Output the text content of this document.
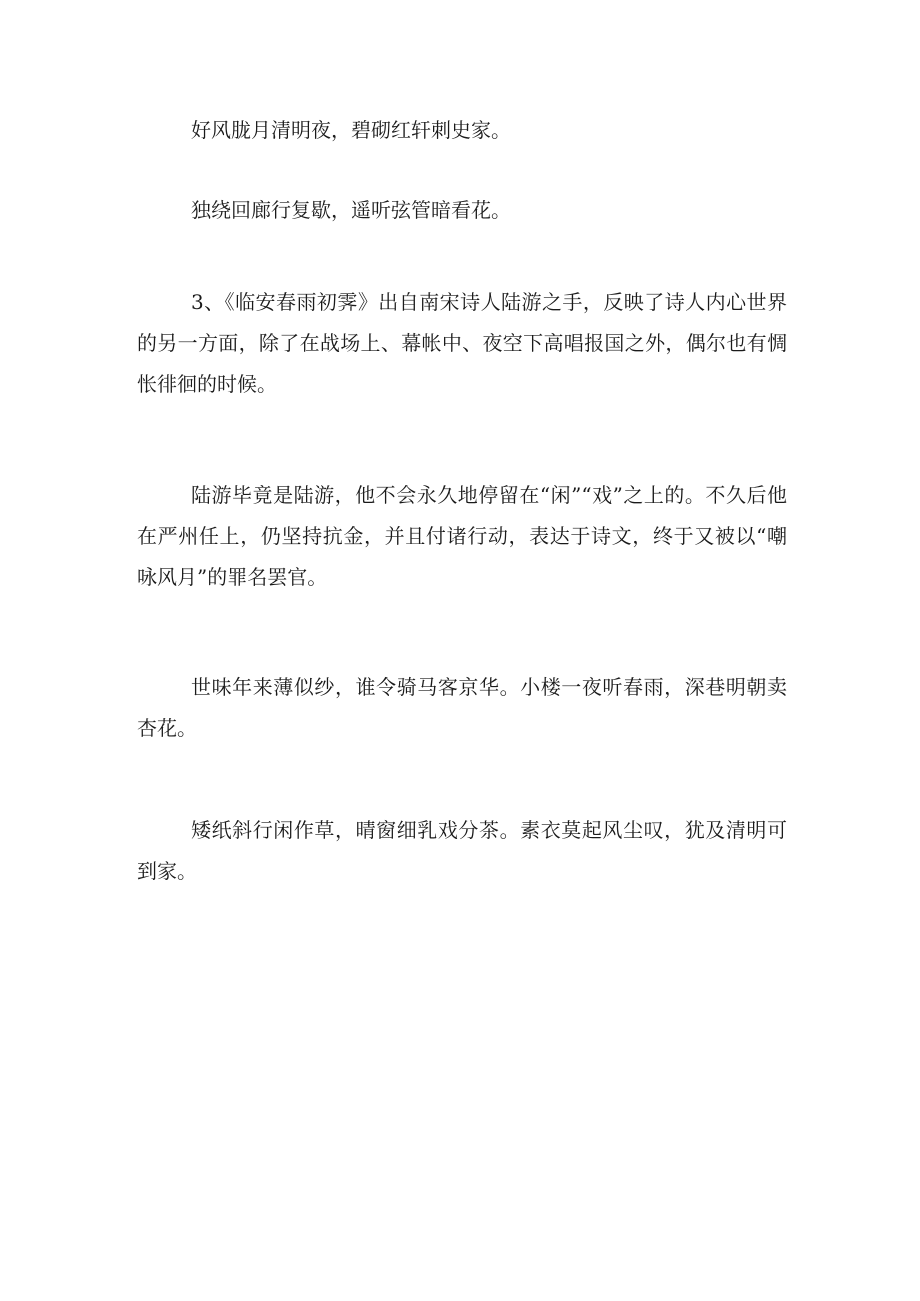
好风胧月清明夜，碧砌红轩刺史家。

独绕回廊行复歇，遥听弦管暗看花。

3、《临安春雨初霁》出自南宋诗人陆游之手，反映了诗人内心世界的另一方面，除了在战场上、幕帐中、夜空下高唱报国之外，偶尔也有惆怅徘徊的时候。

陆游毕竟是陆游，他不会永久地停留在“闲”“戏”之上的。不久后他在严州任上，仍坚持抗金，并且付诸行动，表达于诗文，终于又被以“嘲咏风月”的罪名罢官。

世味年来薄似纱，谁令骑马客京华。小楼一夜听春雨，深巷明朝卖杏花。

矮纸斜行闲作草，晴窗细乳戏分茶。素衣莫起风尘叹，犹及清明可到家。
